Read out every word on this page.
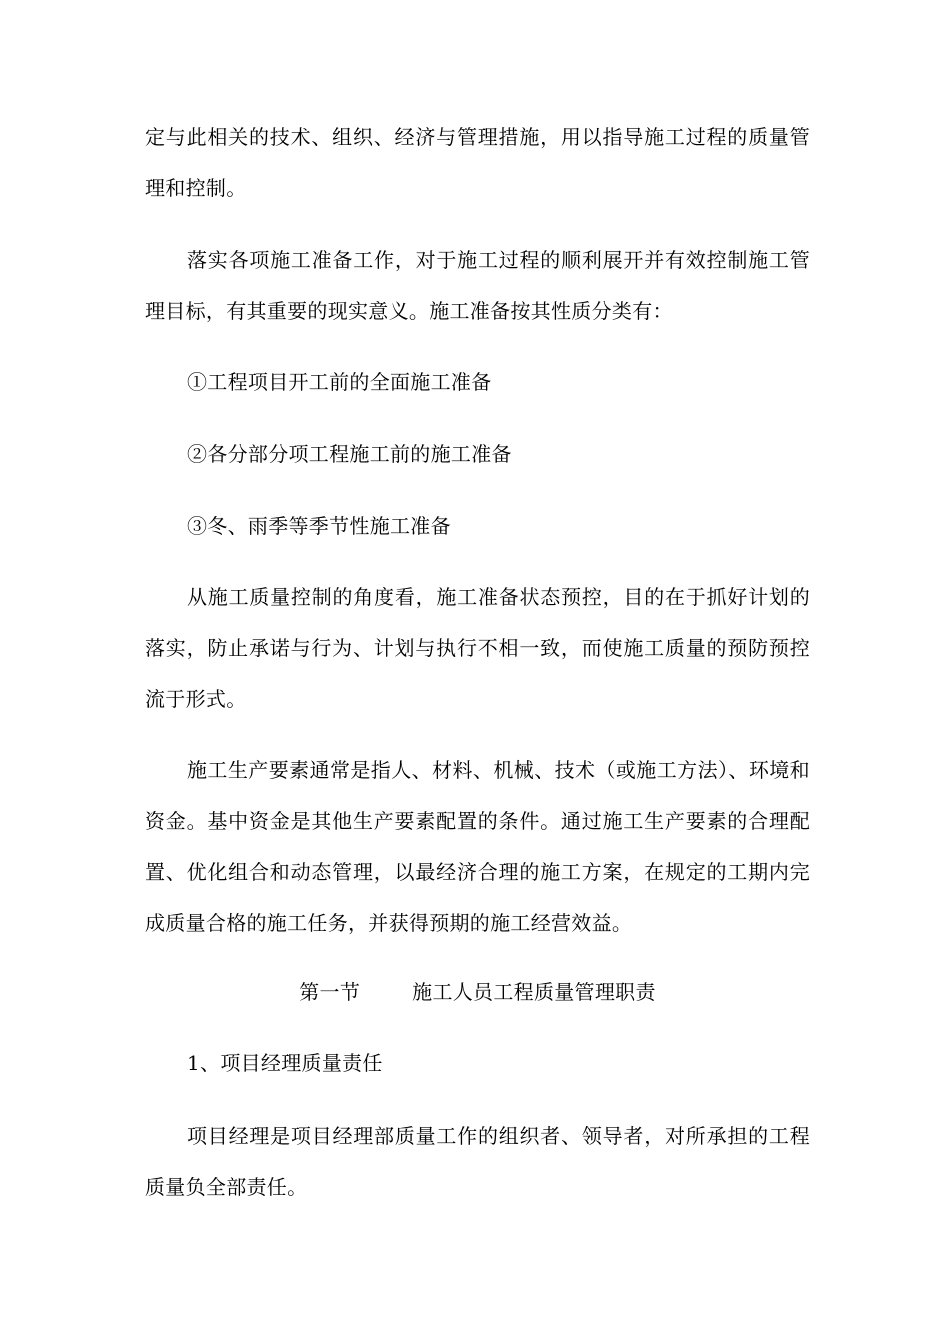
定与此相关的技术、组织、经济与管理措施，用以指导施工过程的质量管理和控制。

落实各项施工准备工作，对于施工过程的顺利展开并有效控制施工管理目标，有其重要的现实意义。施工准备按其性质分类有：

①工程项目开工前的全面施工准备

②各分部分项工程施工前的施工准备

③冬、雨季等季节性施工准备

从施工质量控制的角度看，施工准备状态预控，目的在于抓好计划的落实，防止承诺与行为、计划与执行不相一致，而使施工质量的预防预控流于形式。

施工生产要素通常是指人、材料、机械、技术（或施工方法）、环境和资金。基中资金是其他生产要素配置的条件。通过施工生产要素的合理配置、优化组合和动态管理，以最经济合理的施工方案，在规定的工期内完成质量合格的施工任务，并获得预期的施工经营效益。

第一节	施工人员工程质量管理职责

1、项目经理质量责任

项目经理是项目经理部质量工作的组织者、领导者，对所承担的工程质量负全部责任。
